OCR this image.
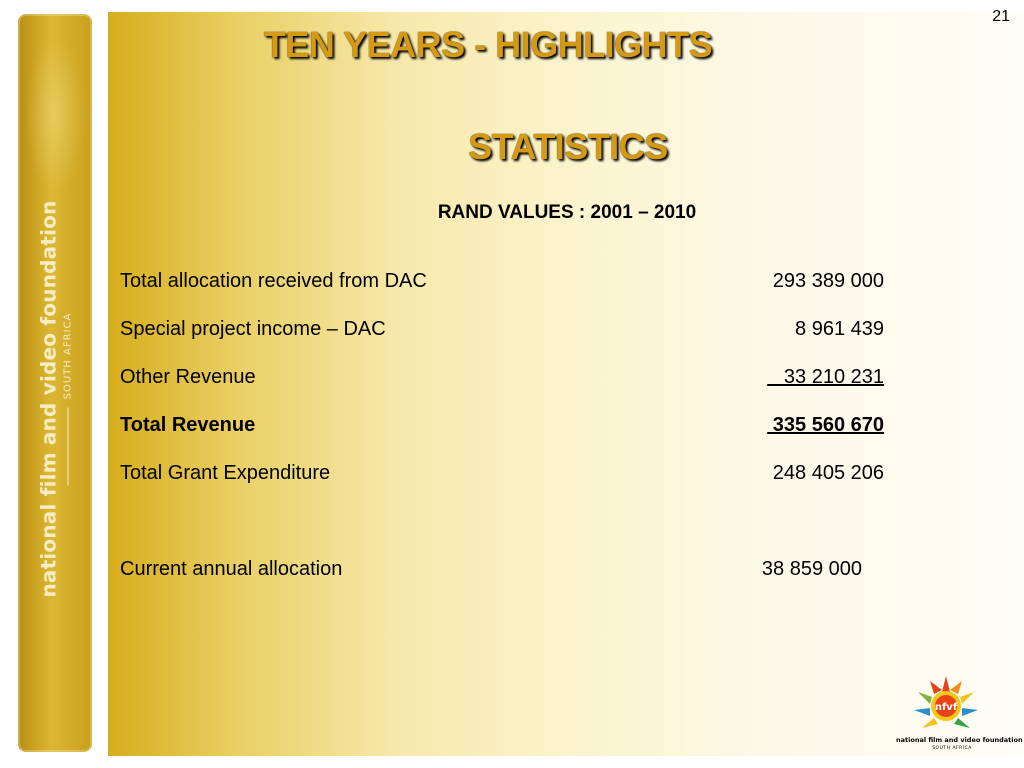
national film and video foundation SOUTH AFRICA
21
TEN YEARS - HIGHLIGHTS
STATISTICS
RAND VALUES : 2001 – 2010
Total allocation received from DAC	293 389 000
Special project income – DAC	8 961 439
Other Revenue	33 210 231
Total Revenue	335 560 670
Total Grant Expenditure	248 405 206
Current annual allocation	38 859 000
nfvf
national film and video foundation
SOUTH AFRICA
